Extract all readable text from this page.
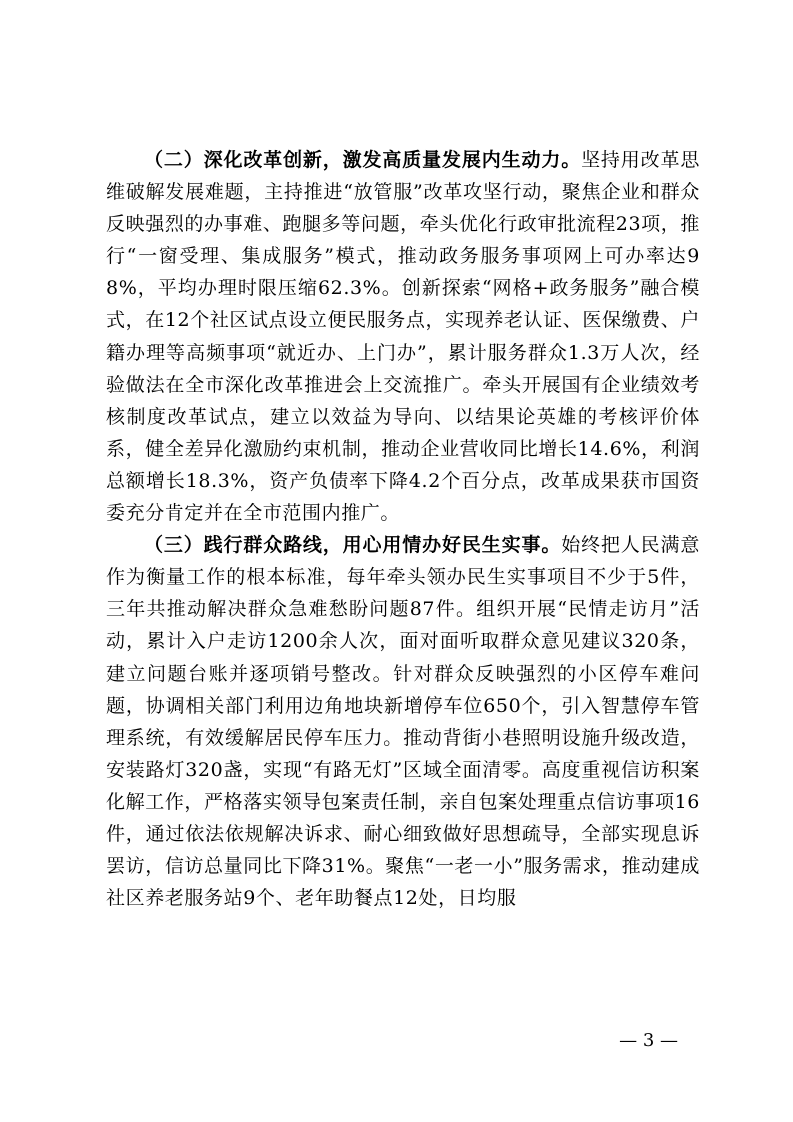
（二）深化改革创新，激发高质量发展内生动力。坚持用改革思维破解发展难题，主持推进“放管服”改革攻坚行动，聚焦企业和群众反映强烈的办事难、跑腿多等问题，牵头优化行政审批流程23项，推行“一窗受理、集成服务”模式，推动政务服务事项网上可办率达98%，平均办理时限压缩62.3%。创新探索“网格+政务服务”融合模式，在12个社区试点设立便民服务点，实现养老认证、医保缴费、户籍办理等高频事项“就近办、上门办”，累计服务群众1.3万人次，经验做法在全市深化改革推进会上交流推广。牵头开展国有企业绩效考核制度改革试点，建立以效益为导向、以结果论英雄的考核评价体系，健全差异化激励约束机制，推动企业营收同比增长14.6%，利润总额增长18.3%，资产负债率下降4.2个百分点，改革成果获市国资委充分肯定并在全市范围内推广。

（三）践行群众路线，用心用情办好民生实事。始终把人民满意作为衡量工作的根本标准，每年牵头领办民生实事项目不少于5件，三年共推动解决群众急难愁盼问题87件。组织开展“民情走访月”活动，累计入户走访1200余人次，面对面听取群众意见建议320条，建立问题台账并逐项销号整改。针对群众反映强烈的小区停车难问题，协调相关部门利用边角地块新增停车位650个，引入智慧停车管理系统，有效缓解居民停车压力。推动背街小巷照明设施升级改造，安装路灯320盏，实现“有路无灯”区域全面清零。高度重视信访积案化解工作，严格落实领导包案责任制，亲自包案处理重点信访事项16件，通过依法依规解决诉求、耐心细致做好思想疏导，全部实现息诉罢访，信访总量同比下降31%。聚焦“一老一小”服务需求，推动建成社区养老服务站9个、老年助餐点12处，日均服

— 3 —
